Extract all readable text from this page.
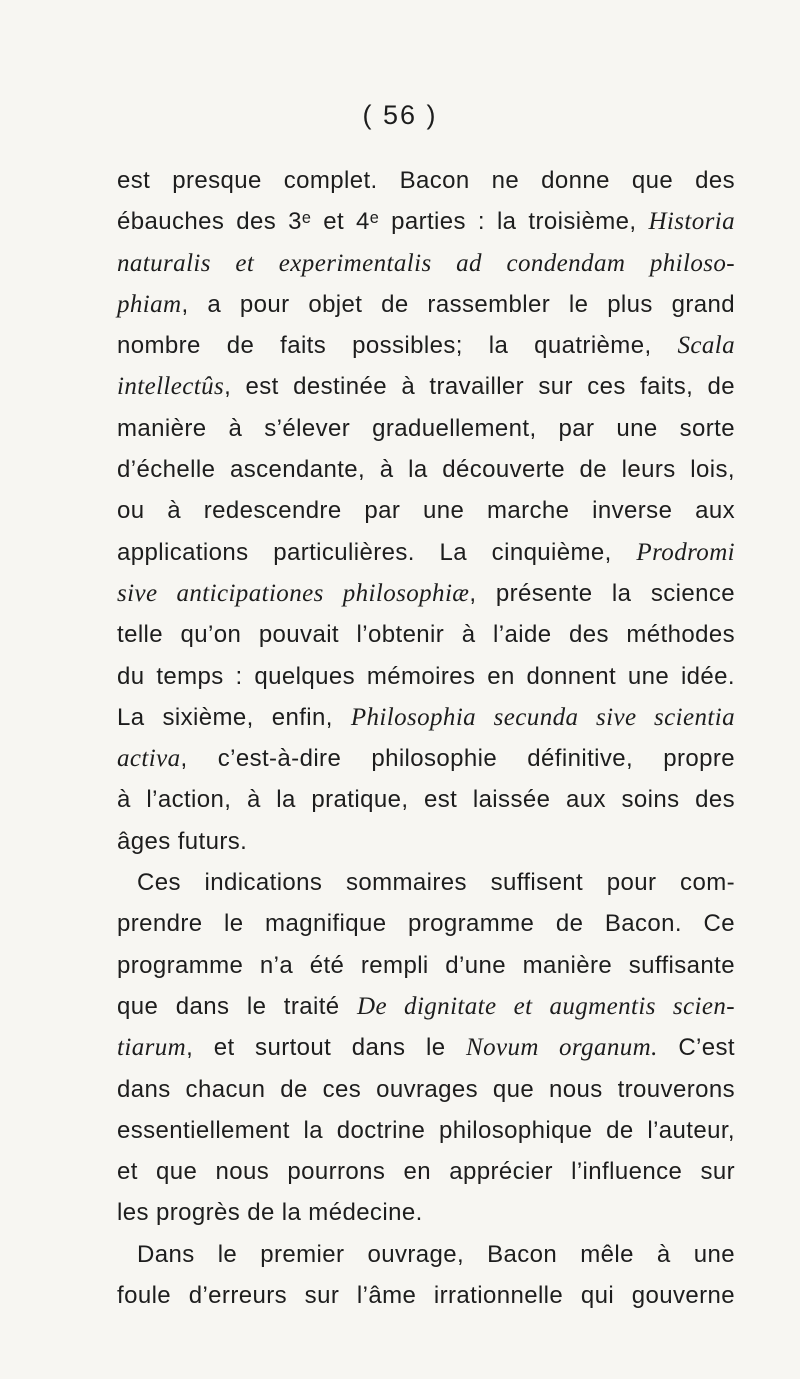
( 56 )
est presque complet. Bacon ne donne que des
ébauches des 3ᵉ et 4ᵉ parties : la troisième, Historia
naturalis et experimentalis ad condendam philoso-
phiam, a pour objet de rassembler le plus grand
nombre de faits possibles; la quatrième, Scala
intellectûs, est destinée à travailler sur ces faits, de
manière à s’élever graduellement, par une sorte
d’échelle ascendante, à la découverte de leurs lois,
ou à redescendre par une marche inverse aux
applications particulières. La cinquième, Prodromi
sive anticipationes philosophiæ, présente la science
telle qu’on pouvait l’obtenir à l’aide des méthodes
du temps : quelques mémoires en donnent une idée.
La sixième, enfin, Philosophia secunda sive scientia
activa, c’est-à-dire philosophie définitive, propre
à l’action, à la pratique, est laissée aux soins des
âges futurs.
Ces indications sommaires suffisent pour com-
prendre le magnifique programme de Bacon. Ce
programme n’a été rempli d’une manière suffisante
que dans le traité De dignitate et augmentis scien-
tiarum, et surtout dans le Novum organum. C’est
dans chacun de ces ouvrages que nous trouverons
essentiellement la doctrine philosophique de l’auteur,
et que nous pourrons en apprécier l’influence sur
les progrès de la médecine.
Dans le premier ouvrage, Bacon mêle à une
foule d’erreurs sur l’âme irrationnelle qui gouverne
